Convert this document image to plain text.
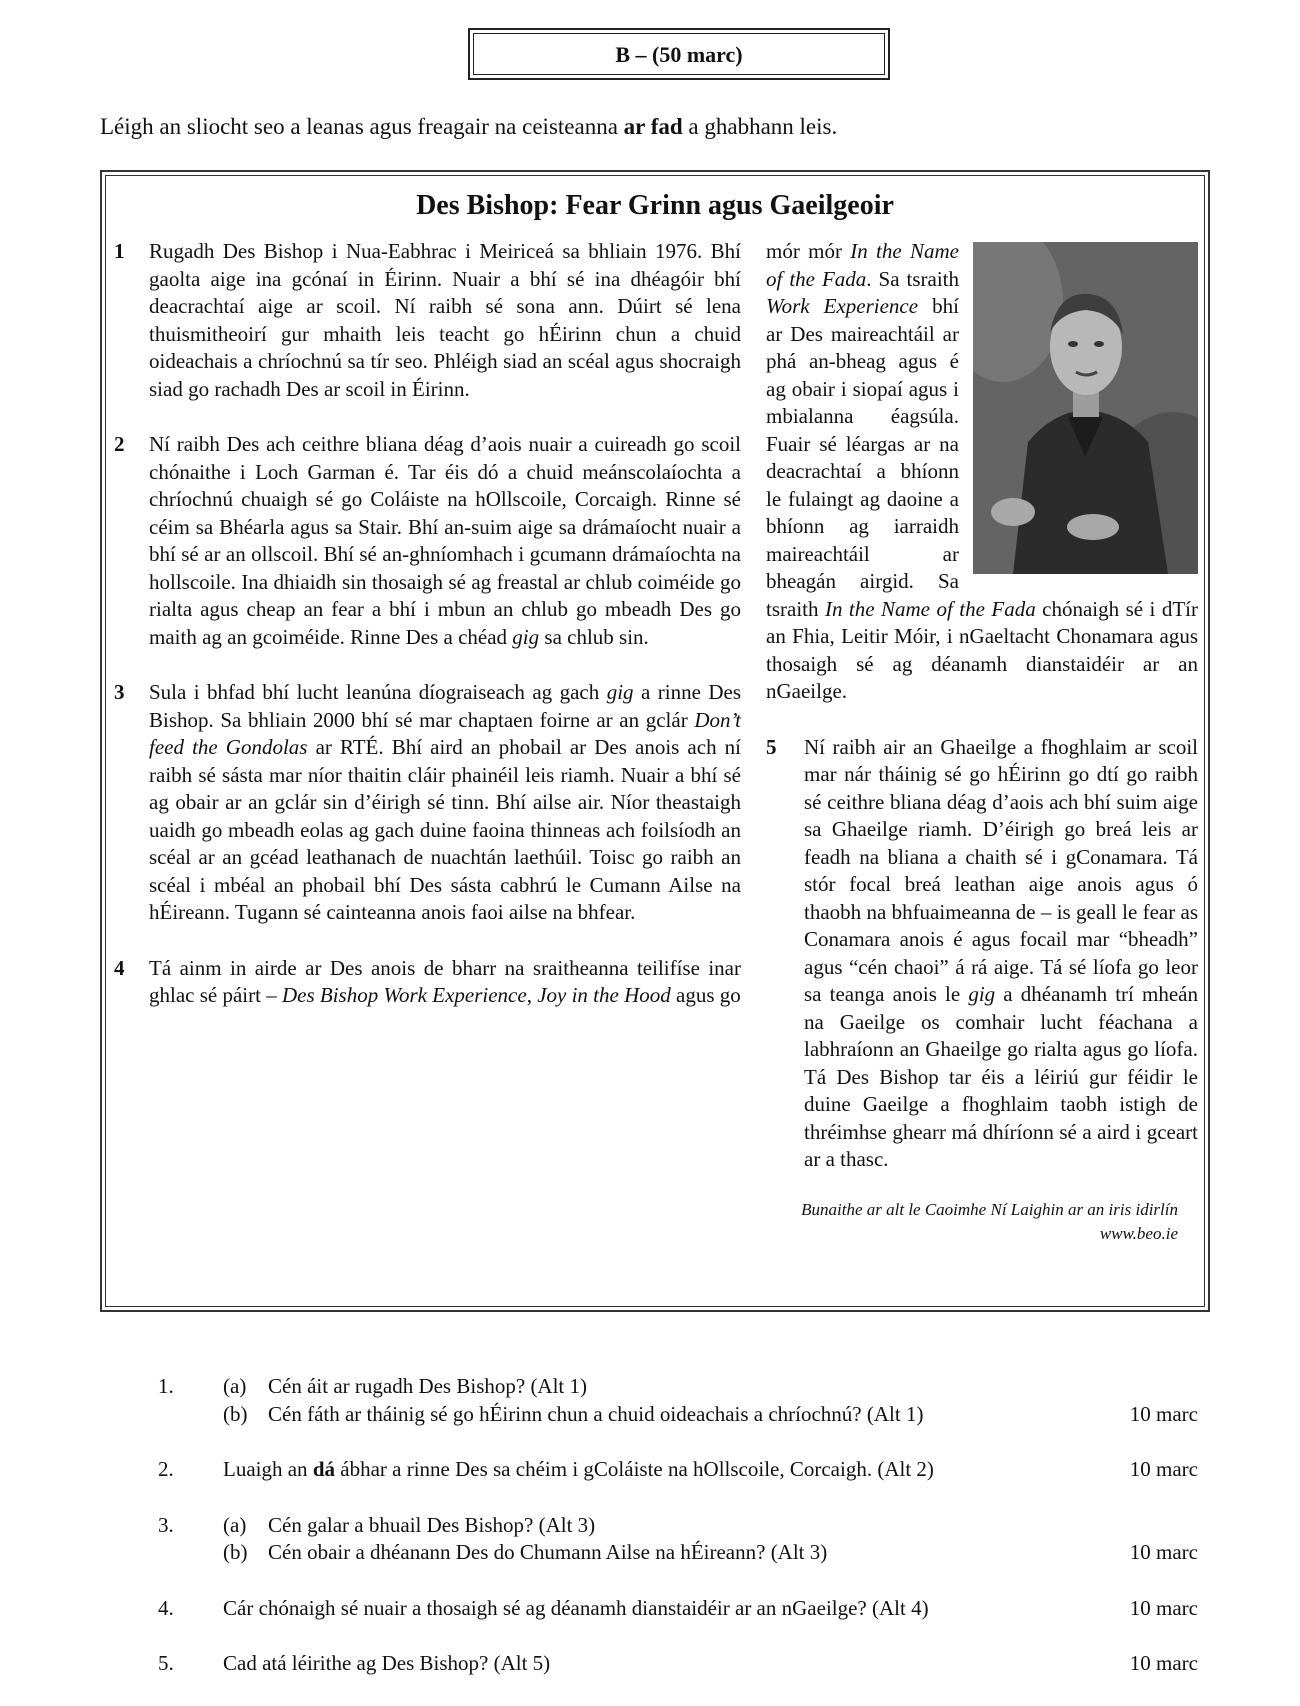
B – (50 marc)
Léigh an sliocht seo a leanas agus freagair na ceisteanna ar fad a ghabhann leis.
Des Bishop: Fear Grinn agus Gaeilgeoir
1 Rugadh Des Bishop i Nua-Eabhrac i Meiriceá sa bhliain 1976. Bhí gaolta aige ina gcónaí in Éirinn. Nuair a bhí sé ina dhéagóir bhí deacrachtaí aige ar scoil. Ní raibh sé sona ann. Dúirt sé lena thuismitheoirí gur mhaith leis teacht go hÉirinn chun a chuid oideachais a chríochnú sa tír seo. Phléigh siad an scéal agus shocraigh siad go rachadh Des ar scoil in Éirinn.
2 Ní raibh Des ach ceithre bliana déag d’aois nuair a cuireadh go scoil chónaithe i Loch Garman é. Tar éis dó a chuid meánscolaíochta a chríochnú chuaigh sé go Coláiste na hOllscoile, Corcaigh. Rinne sé céim sa Bhéarla agus sa Stair. Bhí an-suim aige sa drámaíocht nuair a bhí sé ar an ollscoil. Bhí sé an-ghníomhach i gcumann drámaíochta na hollscoile. Ina dhiaidh sin thosaigh sé ag freastal ar chlub coiméide go rialta agus cheap an fear a bhí i mbun an chlub go mbeadh Des go maith ag an gcoiméide. Rinne Des a chéad gig sa chlub sin.
3 Sula i bhfad bhí lucht leanúna díograiseach ag gach gig a rinne Des Bishop. Sa bhliain 2000 bhí sé mar chaptaen foirne ar an gclár Don’t feed the Gondolas ar RTÉ. Bhí aird an phobail ar Des anois ach ní raibh sé sásta mar níor thaitin cláir phainéil leis riamh. Nuair a bhí sé ag obair ar an gclár sin d’éirigh sé tinn. Bhí ailse air. Níor theastaigh uaidh go mbeadh eolas ag gach duine faoina thinneas ach foilsíodh an scéal ar an gcéad leathanach de nuachtán laethúil. Toisc go raibh an scéal i mbéal an phobail bhí Des sásta cabhrú le Cumann Ailse na hÉireann. Tugann sé cainteanna anois faoi ailse na bhfear.
4 Tá ainm in airde ar Des anois de bharr na sraitheanna teilifíse inar ghlac sé páirt – Des Bishop Work Experience, Joy in the Hood agus go
mór mór In the Name of the Fada. Sa tsraith Work Experience bhí ar Des maireachtáil ar phá an-bheag agus é ag obair i siopaí agus i mbialanna éagsúla. Fuair sé léargas ar na deacrachtaí a bhíonn le fulaingt ag daoine a bhíonn ag iarraidh maireachtáil ar bheagán airgid. Sa tsraith In the Name of the Fada chónaigh sé i dTír an Fhia, Leitir Móir, i nGaeltacht Chonamara agus thosaigh sé ag déanamh dianstaidéir ar an nGaeilge.
5 Ní raibh air an Ghaeilge a fhoghlaim ar scoil mar nár tháinig sé go hÉirinn go dtí go raibh sé ceithre bliana déag d’aois ach bhí suim aige sa Ghaeilge riamh. D’éirigh go breá leis ar feadh na bliana a chaith sé i gConamara. Tá stór focal breá leathan aige anois agus ó thaobh na bhfuaimeanna de – is geall le fear as Conamara anois é agus focail mar “bheadh” agus “cén chaoi” á rá aige. Tá sé líofa go leor sa teanga anois le gig a dhéanamh trí mheán na Gaeilge os comhair lucht féachana a labhraíonn an Ghaeilge go rialta agus go líofa. Tá Des Bishop tar éis a léiriú gur féidir le duine Gaeilge a fhoghlaim taobh istigh de thréimhse ghearr má dhíríonn sé a aird i gceart ar a thasc.
Bunaithe ar alt le Caoimhe Ní Laighin ar an iris idirlín
www.beo.ie
1. (a) Cén áit ar rugadh Des Bishop? (Alt 1)
(b) Cén fáth ar tháinig sé go hÉirinn chun a chuid oideachais a chríochnú? (Alt 1)	10 marc
2. Luaigh an dá ábhar a rinne Des sa chéim i gColáiste na hOllscoile, Corcaigh. (Alt 2)	10 marc
3. (a) Cén galar a bhuail Des Bishop? (Alt 3)
(b) Cén obair a dhéanann Des do Chumann Ailse na hÉireann? (Alt 3)	10 marc
4. Cár chónaigh sé nuair a thosaigh sé ag déanamh dianstaidéir ar an nGaeilge? (Alt 4)	10 marc
5. Cad atá léirithe ag Des Bishop? (Alt 5)	10 marc
